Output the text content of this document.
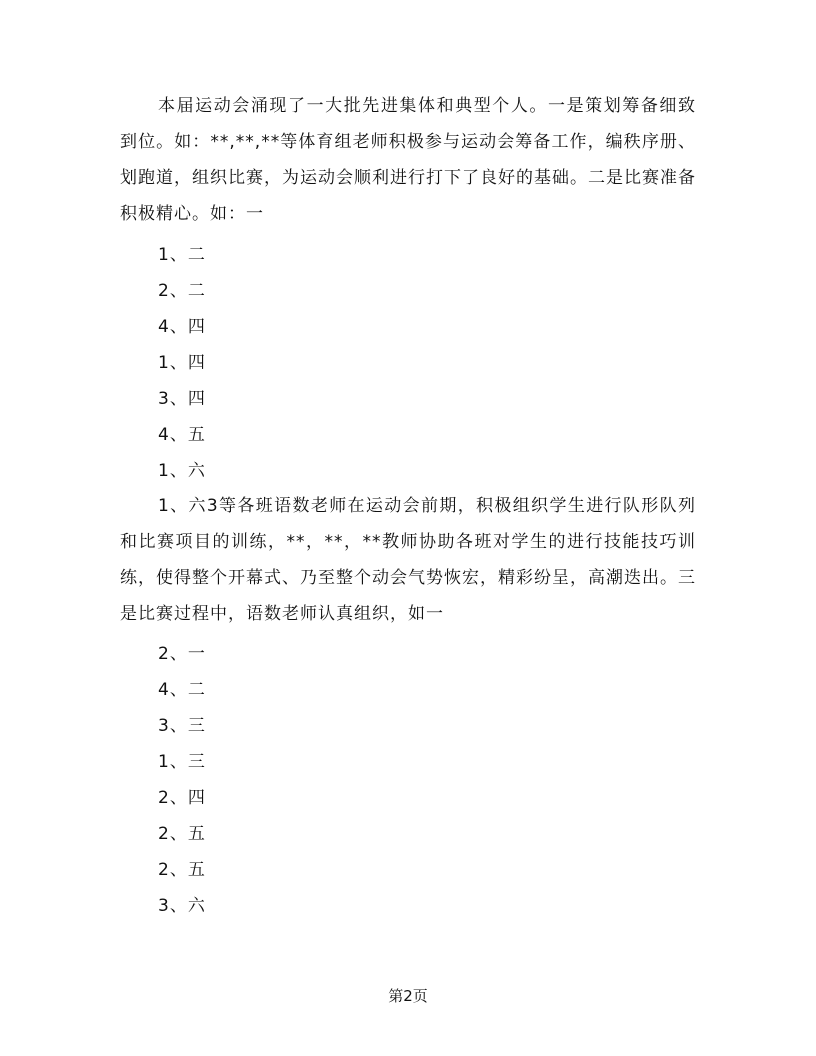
本届运动会涌现了一大批先进集体和典型个人。一是策划筹备细致到位。如：**,**,**等体育组老师积极参与运动会筹备工作，编秩序册、划跑道，组织比赛，为运动会顺利进行打下了良好的基础。二是比赛准备积极精心。如：一

1、二
2、二
4、四
1、四
3、四
4、五
1、六

1、六3等各班语数老师在运动会前期，积极组织学生进行队形队列和比赛项目的训练，**，**，**教师协助各班对学生的进行技能技巧训练，使得整个开幕式、乃至整个动会气势恢宏，精彩纷呈，高潮迭出。三是比赛过程中，语数老师认真组织，如一

2、一
4、二
3、三
1、三
2、四
2、五
2、五
3、六
第2页
